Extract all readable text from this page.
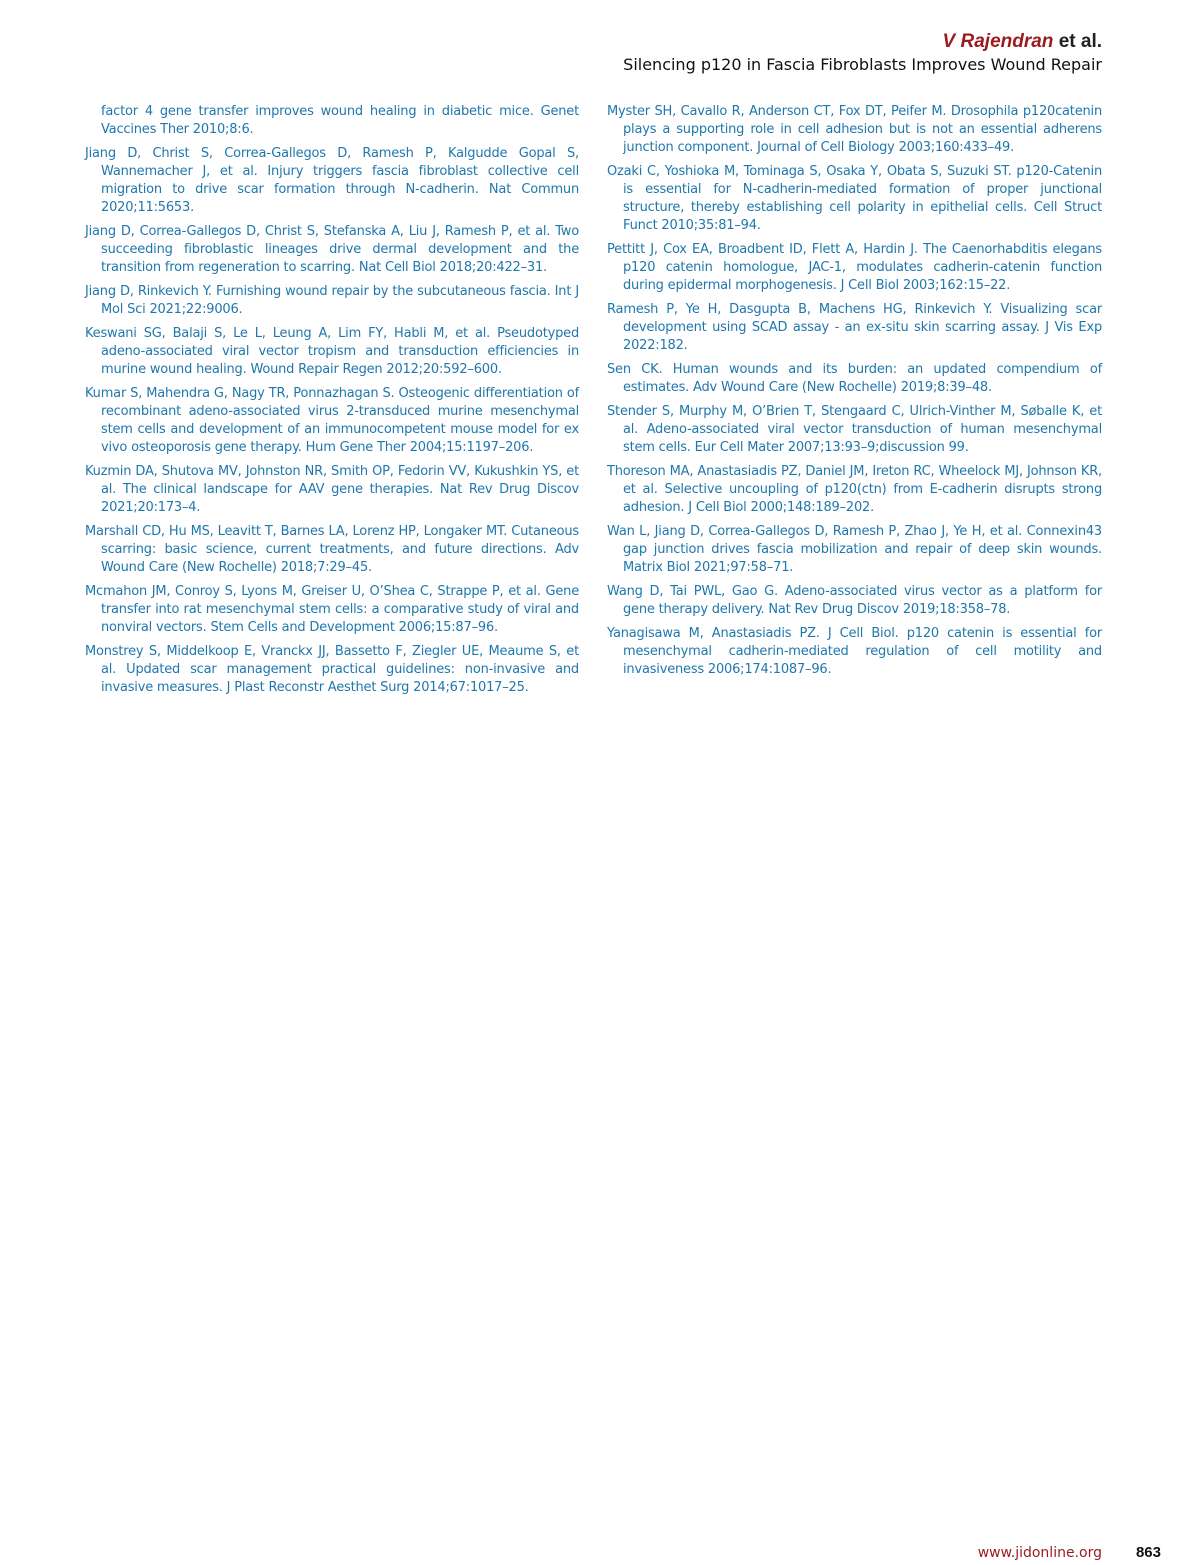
V Rajendran et al.
Silencing p120 in Fascia Fibroblasts Improves Wound Repair

factor 4 gene transfer improves wound healing in diabetic mice. Genet Vaccines Ther 2010;8:6.

Jiang D, Christ S, Correa-Gallegos D, Ramesh P, Kalgudde Gopal S, Wannemacher J, et al. Injury triggers fascia fibroblast collective cell migration to drive scar formation through N-cadherin. Nat Commun 2020;11:5653.

Jiang D, Correa-Gallegos D, Christ S, Stefanska A, Liu J, Ramesh P, et al. Two succeeding fibroblastic lineages drive dermal development and the transition from regeneration to scarring. Nat Cell Biol 2018;20:422–31.

Jiang D, Rinkevich Y. Furnishing wound repair by the subcutaneous fascia. Int J Mol Sci 2021;22:9006.

Keswani SG, Balaji S, Le L, Leung A, Lim FY, Habli M, et al. Pseudotyped adeno-associated viral vector tropism and transduction efficiencies in murine wound healing. Wound Repair Regen 2012;20:592–600.

Kumar S, Mahendra G, Nagy TR, Ponnazhagan S. Osteogenic differentiation of recombinant adeno-associated virus 2-transduced murine mesenchymal stem cells and development of an immunocompetent mouse model for ex vivo osteoporosis gene therapy. Hum Gene Ther 2004;15:1197–206.

Kuzmin DA, Shutova MV, Johnston NR, Smith OP, Fedorin VV, Kukushkin YS, et al. The clinical landscape for AAV gene therapies. Nat Rev Drug Discov 2021;20:173–4.

Marshall CD, Hu MS, Leavitt T, Barnes LA, Lorenz HP, Longaker MT. Cutaneous scarring: basic science, current treatments, and future directions. Adv Wound Care (New Rochelle) 2018;7:29–45.

Mcmahon JM, Conroy S, Lyons M, Greiser U, O’Shea C, Strappe P, et al. Gene transfer into rat mesenchymal stem cells: a comparative study of viral and nonviral vectors. Stem Cells and Development 2006;15:87–96.

Monstrey S, Middelkoop E, Vranckx JJ, Bassetto F, Ziegler UE, Meaume S, et al. Updated scar management practical guidelines: non-invasive and invasive measures. J Plast Reconstr Aesthet Surg 2014;67:1017–25.

Myster SH, Cavallo R, Anderson CT, Fox DT, Peifer M. Drosophila p120catenin plays a supporting role in cell adhesion but is not an essential adherens junction component. Journal of Cell Biology 2003;160:433–49.

Ozaki C, Yoshioka M, Tominaga S, Osaka Y, Obata S, Suzuki ST. p120-Catenin is essential for N-cadherin-mediated formation of proper junctional structure, thereby establishing cell polarity in epithelial cells. Cell Struct Funct 2010;35:81–94.

Pettitt J, Cox EA, Broadbent ID, Flett A, Hardin J. The Caenorhabditis elegans p120 catenin homologue, JAC-1, modulates cadherin-catenin function during epidermal morphogenesis. J Cell Biol 2003;162:15–22.

Ramesh P, Ye H, Dasgupta B, Machens HG, Rinkevich Y. Visualizing scar development using SCAD assay - an ex-situ skin scarring assay. J Vis Exp 2022:182.

Sen CK. Human wounds and its burden: an updated compendium of estimates. Adv Wound Care (New Rochelle) 2019;8:39–48.

Stender S, Murphy M, O’Brien T, Stengaard C, Ulrich-Vinther M, Søballe K, et al. Adeno-associated viral vector transduction of human mesenchymal stem cells. Eur Cell Mater 2007;13:93–9;discussion 99.

Thoreson MA, Anastasiadis PZ, Daniel JM, Ireton RC, Wheelock MJ, Johnson KR, et al. Selective uncoupling of p120(ctn) from E-cadherin disrupts strong adhesion. J Cell Biol 2000;148:189–202.

Wan L, Jiang D, Correa-Gallegos D, Ramesh P, Zhao J, Ye H, et al. Connexin43 gap junction drives fascia mobilization and repair of deep skin wounds. Matrix Biol 2021;97:58–71.

Wang D, Tai PWL, Gao G. Adeno-associated virus vector as a platform for gene therapy delivery. Nat Rev Drug Discov 2019;18:358–78.

Yanagisawa M, Anastasiadis PZ. J Cell Biol. p120 catenin is essential for mesenchymal cadherin-mediated regulation of cell motility and invasiveness 2006;174:1087–96.

www.jidonline.org 863
